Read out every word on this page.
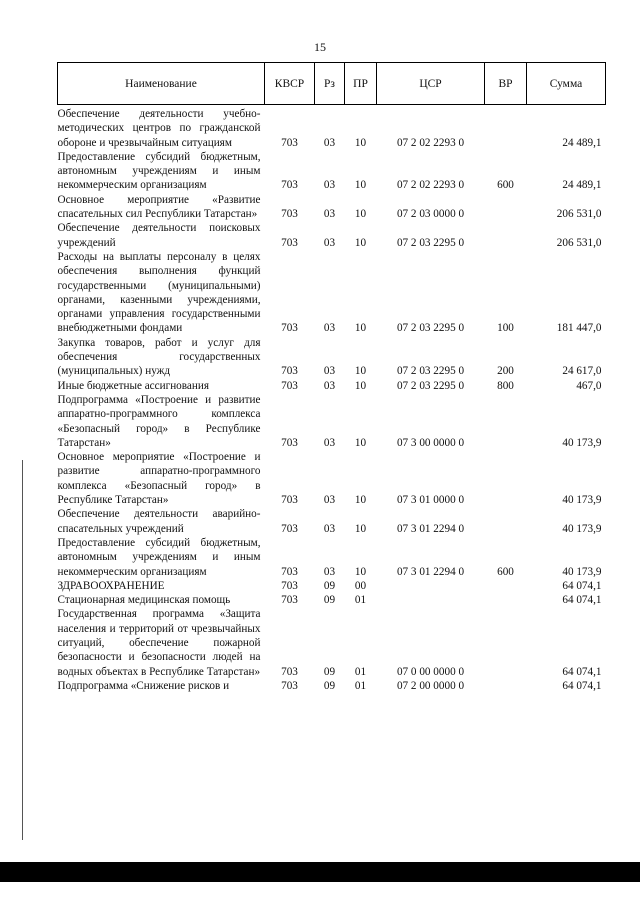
15
Наименование	КВСР	Рз	ПР	ЦСР	ВР	Сумма
Обеспечение деятельности учебно-методических центров по гражданской обороне и чрезвычайным ситуациям	703	03	10	07 2 02 2293 0		24 489,1
Предоставление субсидий бюджетным, автономным учреждениям и иным некоммерческим организациям	703	03	10	07 2 02 2293 0	600	24 489,1
Основное мероприятие «Развитие спасательных сил Республики Татарстан»	703	03	10	07 2 03 0000 0		206 531,0
Обеспечение деятельности поисковых учреждений	703	03	10	07 2 03 2295 0		206 531,0
Расходы на выплаты персоналу в целях обеспечения выполнения функций государственными (муниципальными) органами, казенными учреждениями, органами управления государственными внебюджетными фондами	703	03	10	07 2 03 2295 0	100	181 447,0
Закупка товаров, работ и услуг для обеспечения государственных (муниципальных) нужд	703	03	10	07 2 03 2295 0	200	24 617,0
Иные бюджетные ассигнования	703	03	10	07 2 03 2295 0	800	467,0
Подпрограмма «Построение и развитие аппаратно-программного комплекса «Безопасный город» в Республике Татарстан»	703	03	10	07 3 00 0000 0		40 173,9
Основное мероприятие «Построение и развитие аппаратно-программного комплекса «Безопасный город» в Республике Татарстан»	703	03	10	07 3 01 0000 0		40 173,9
Обеспечение деятельности аварийно-спасательных учреждений	703	03	10	07 3 01 2294 0		40 173,9
Предоставление субсидий бюджетным, автономным учреждениям и иным некоммерческим организациям	703	03	10	07 3 01 2294 0	600	40 173,9
ЗДРАВООХРАНЕНИЕ	703	09	00			64 074,1
Стационарная медицинская помощь	703	09	01			64 074,1
Государственная программа «Защита населения и территорий от чрезвычайных ситуаций, обеспечение пожарной безопасности и безопасности людей на водных объектах в Республике Татарстан»	703	09	01	07 0 00 0000 0		64 074,1
Подпрограмма «Снижение рисков и	703	09	01	07 2 00 0000 0		64 074,1
